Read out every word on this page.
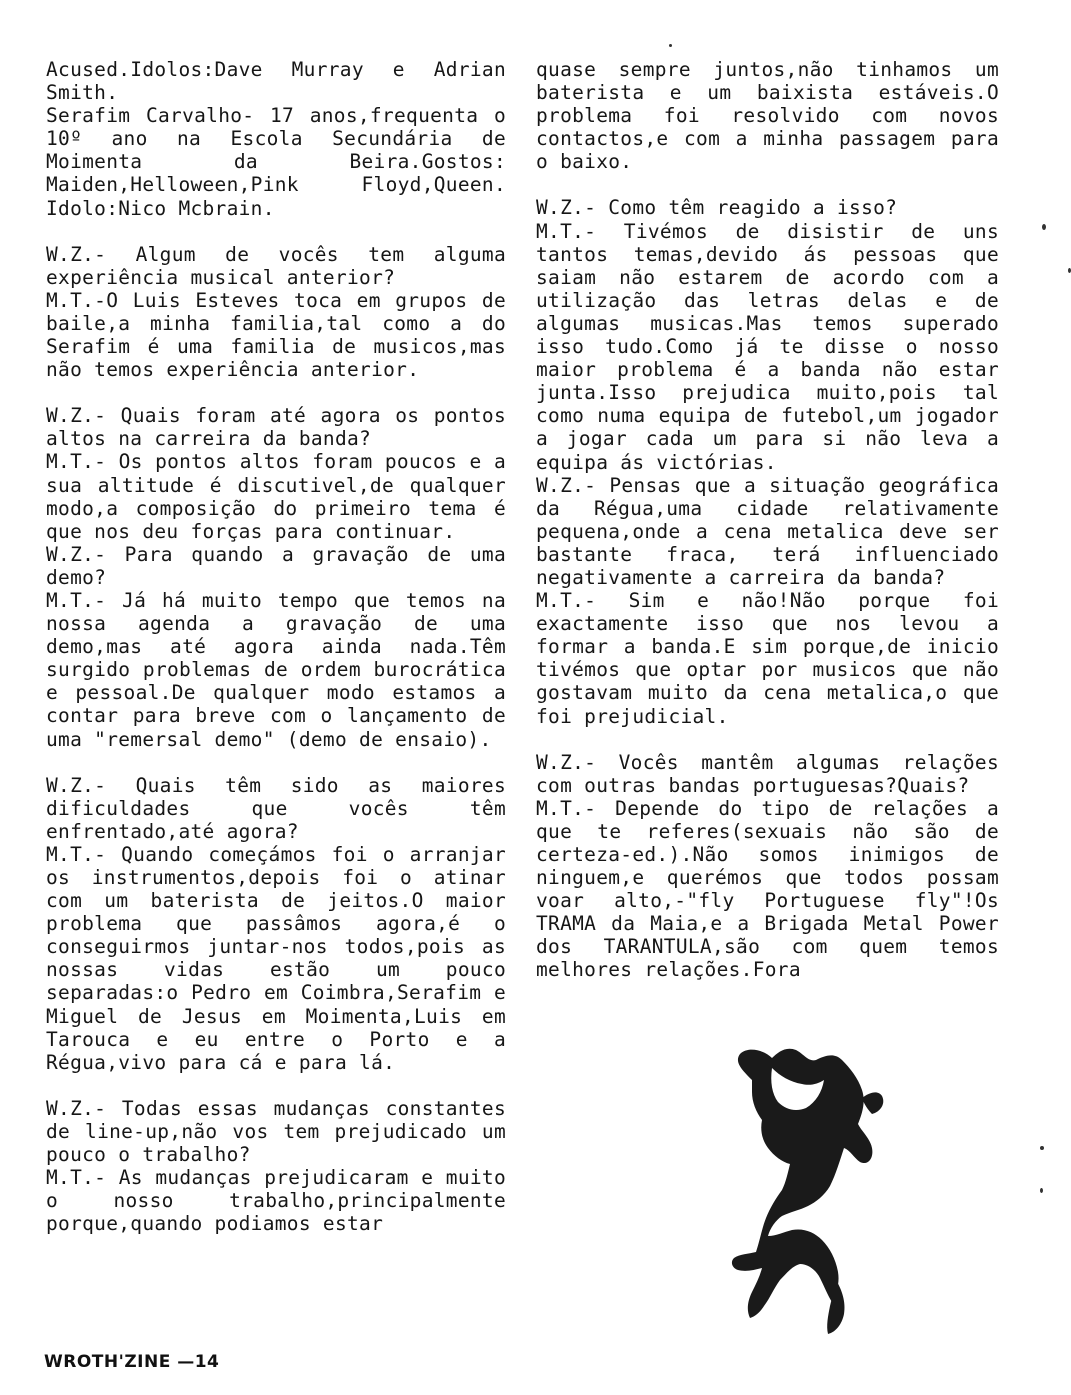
Acused.Idolos:Dave Murray e Adrian Smith.

Serafim Carvalho- 17 anos,frequenta o 10º ano na Escola Secundária de Moimenta da Beira.Gostos: Maiden,Helloween,Pink Floyd,Queen. Idolo:Nico Mcbrain.

W.Z.- Algum de vocês tem alguma experiência musical anterior?

M.T.-O Luis Esteves toca em grupos de baile,a minha familia,tal como a do Serafim é uma familia de musicos,mas não temos experiência anterior.

W.Z.- Quais foram até agora os pontos altos na carreira da banda?

M.T.- Os pontos altos foram poucos e a sua altitude é discutivel,de qualquer modo,a composição do primeiro tema é que nos deu forças para continuar.

W.Z.- Para quando a gravação de uma demo?

M.T.- Já há muito tempo que temos na nossa agenda a gravação de uma demo,mas até agora ainda nada.Têm surgido problemas de ordem burocrática e pessoal.De qualquer modo estamos a contar para breve com o lançamento de uma "remersal demo" (demo de ensaio).

W.Z.- Quais têm sido as maiores dificuldades que vocês têm enfrentado,até agora?

M.T.- Quando começámos foi o arranjar os instrumentos,depois foi o atinar com um baterista de jeitos.O maior problema que passâmos agora,é o conseguirmos juntar-nos todos,pois as nossas vidas estão um pouco separadas:o Pedro em Coimbra,Serafim e Miguel de Jesus em Moimenta,Luis em Tarouca e eu entre o Porto e a Régua,vivo para cá e para lá.

W.Z.- Todas essas mudanças constantes de line-up,não vos tem prejudicado um pouco o trabalho?

M.T.- As mudanças prejudicaram e muito o nosso trabalho,principalmente porque,quando podiamos estar

quase sempre juntos,não tinhamos um baterista e um baixista estáveis.O problema foi resolvido com novos contactos,e com a minha passagem para o baixo.

W.Z.- Como têm reagido a isso?

M.T.- Tivémos de disistir de uns tantos temas,devido ás pessoas que saiam não estarem de acordo com a utilização das letras delas e de algumas musicas.Mas temos superado isso tudo.Como já te disse o nosso maior problema é a banda não estar junta.Isso prejudica muito,pois tal como numa equipa de futebol,um jogador a jogar cada um para si não leva a equipa ás victórias.

W.Z.- Pensas que a situação geográfica da Régua,uma cidade relativamente pequena,onde a cena metalica deve ser bastante fraca, terá influenciado negativamente a carreira da banda?

M.T.- Sim e não!Não porque foi exactamente isso que nos levou a formar a banda.E sim porque,de inicio tivémos que optar por musicos que não gostavam muito da cena metalica,o que foi prejudicial.

W.Z.- Vocês mantêm algumas relações com outras bandas portuguesas?Quais?

M.T.- Depende do tipo de relações a que te referes(sexuais não são de certeza-ed.).Não somos inimigos de ninguem,e querémos que todos possam voar alto,-"fly Portuguese fly"!Os TRAMA da Maia,e a Brigada Metal Power dos TARANTULA,são com quem temos melhores relações.Fora

WROTH'ZINE —14
